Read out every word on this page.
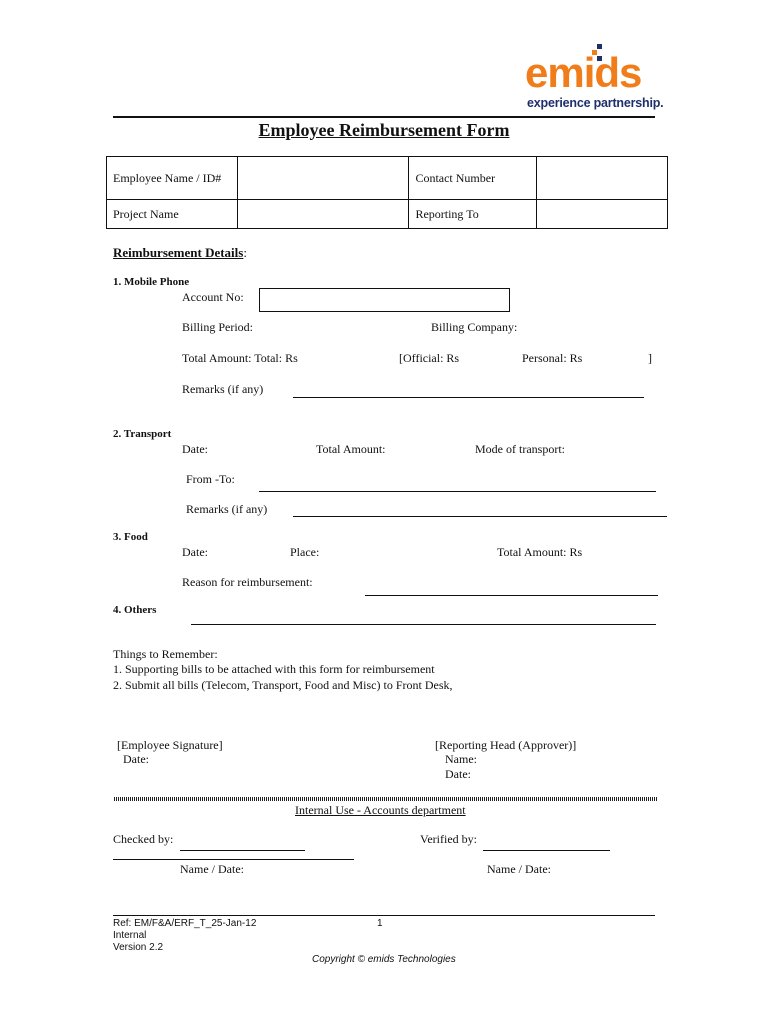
emids
experience partnership.
Employee Reimbursement Form
Employee Name / ID#		Contact Number	
Project Name		Reporting To	
Reimbursement Details:
1. Mobile Phone
Account No:
Billing Period:	Billing Company:
Total Amount: Total: Rs	[Official: Rs	Personal: Rs	]
Remarks (if any)
2. Transport
Date:	Total Amount:	Mode of transport:
From -To:
Remarks (if any)
3. Food
Date:	Place:	Total Amount: Rs
Reason for reimbursement:
4. Others
Things to Remember:
1. Supporting bills to be attached with this form for reimbursement
2. Submit all bills (Telecom, Transport, Food and Misc) to Front Desk,
[Employee Signature]
Date:
[Reporting Head (Approver)]
Name:
Date:
Internal Use - Accounts department
Checked by:	Verified by:
Name / Date:	Name / Date:
Ref: EM/F&A/ERF_T_25-Jan-12	1
Internal
Version 2.2
Copyright © emids Technologies
